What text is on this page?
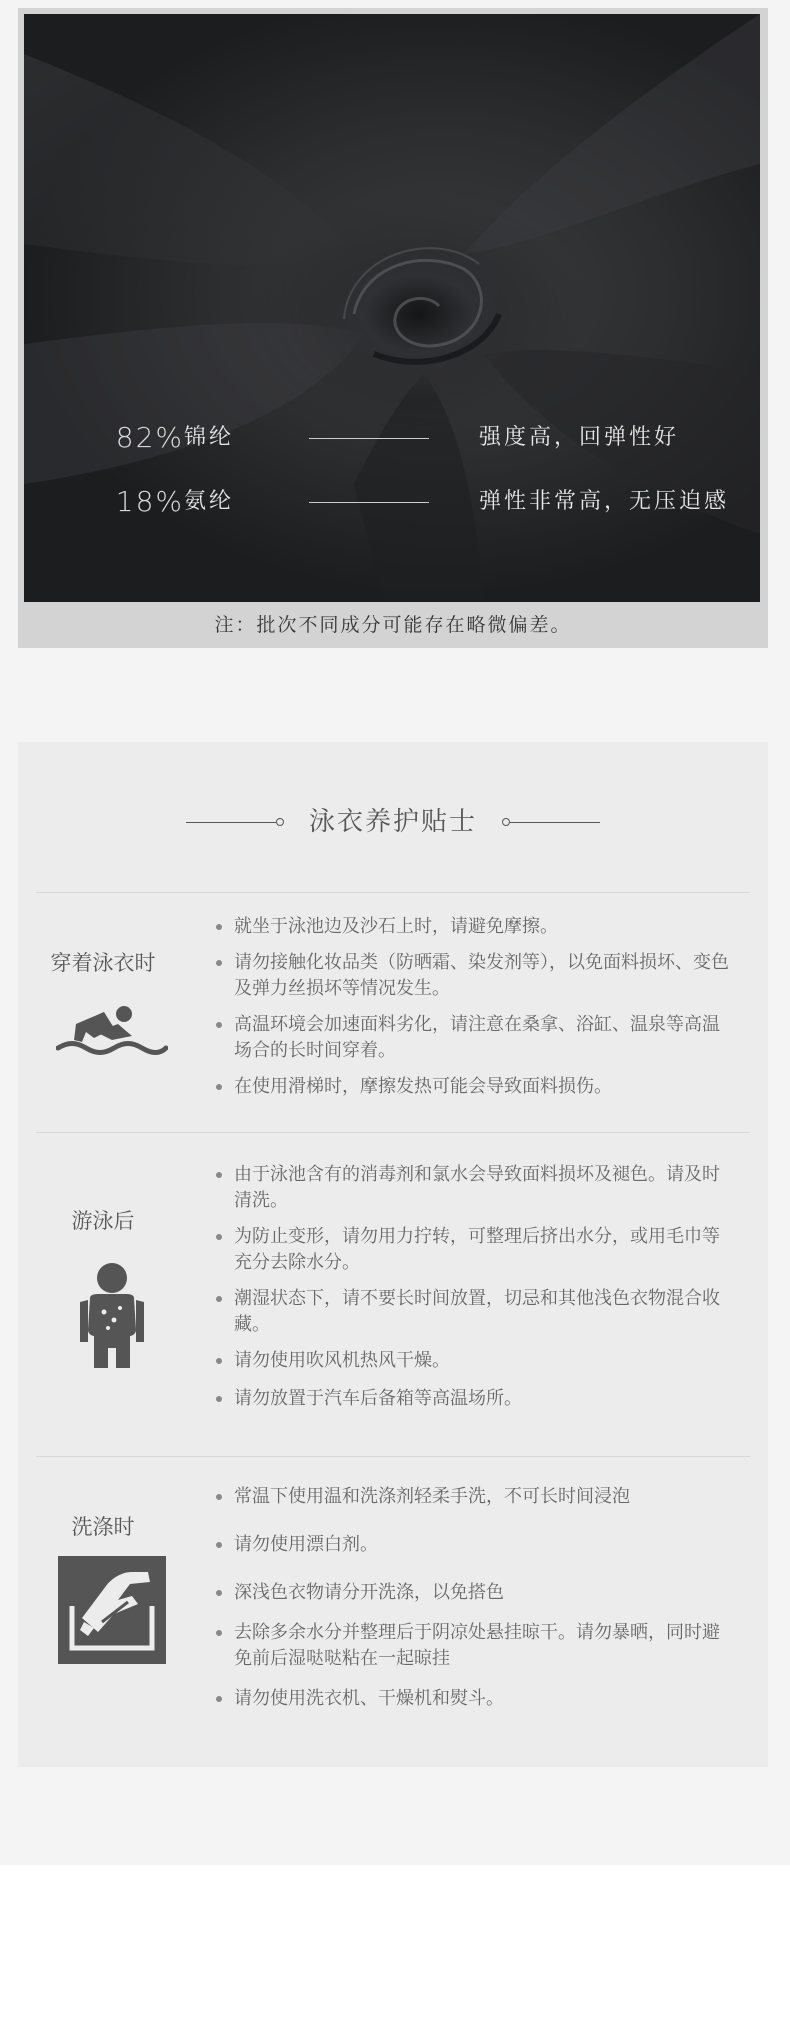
82% 锦纶	强度高，回弹性好
18% 氨纶	弹性非常高，无压迫感
注：批次不同成分可能存在略微偏差。
泳衣养护贴士
穿着泳衣时
就坐于泳池边及沙石上时，请避免摩擦。
请勿接触化妆品类（防晒霜、染发剂等），以免面料损坏、变色及弹力丝损坏等情况发生。
高温环境会加速面料劣化，请注意在桑拿、浴缸、温泉等高温场合的长时间穿着。
在使用滑梯时，摩擦发热可能会导致面料损伤。
游泳后
由于泳池含有的消毒剂和氯水会导致面料损坏及褪色。请及时清洗。
为防止变形，请勿用力拧转，可整理后挤出水分，或用毛巾等充分去除水分。
潮湿状态下，请不要长时间放置，切忌和其他浅色衣物混合收藏。
请勿使用吹风机热风干燥。
请勿放置于汽车后备箱等高温场所。
洗涤时
常温下使用温和洗涤剂轻柔手洗，不可长时间浸泡
请勿使用漂白剂。
深浅色衣物请分开洗涤，以免搭色
去除多余水分并整理后于阴凉处悬挂晾干。请勿暴晒，同时避免前后湿哒哒粘在一起晾挂
请勿使用洗衣机、干燥机和熨斗。
